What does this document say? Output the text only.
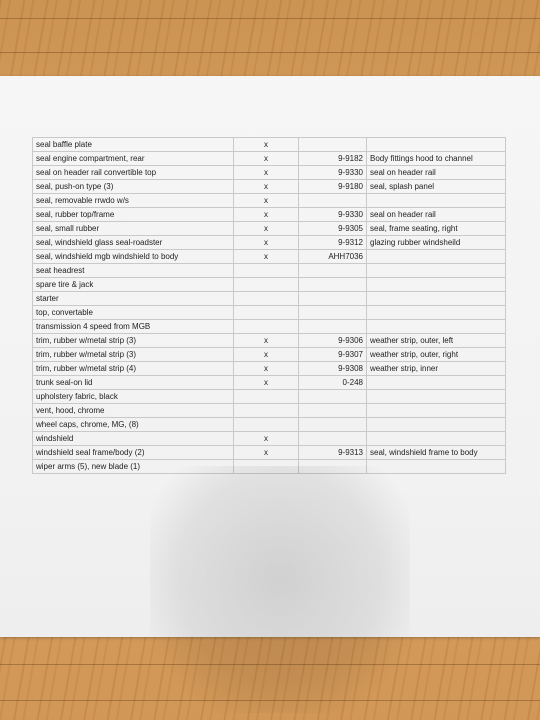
seal baffle plate	x		
seal engine compartment, rear	x	9-9182	Body fittings hood to channel
seal on header rail convertible top	x	9-9330	seal on header rail
seal, push-on type (3)	x	9-9180	seal, splash panel
seal, removable rrwdo w/s	x		
seal, rubber top/frame	x	9-9330	seal on header rail
seal, small rubber	x	9-9305	seal, frame seating, right
seal, windshield glass seal-roadster	x	9-9312	glazing rubber windsheild
seal, windshield mgb windshield to body	x	AHH7036	
seat headrest			
spare tire & jack			
starter			
top, convertable			
transmission 4 speed from MGB			
trim, rubber w/metal strip (3)	x	9-9306	weather strip, outer, left
trim, rubber w/metal strip (3)	x	9-9307	weather strip, outer, right
trim, rubber w/metal strip (4)	x	9-9308	weather strip, inner
trunk seal-on lid	x	0-248	
upholstery fabric, black			
vent, hood, chrome			
wheel caps, chrome, MG, (8)			
windshield	x		
windshield seal frame/body (2)	x	9-9313	seal, windshield frame to body
wiper arms (5), new blade (1)			
